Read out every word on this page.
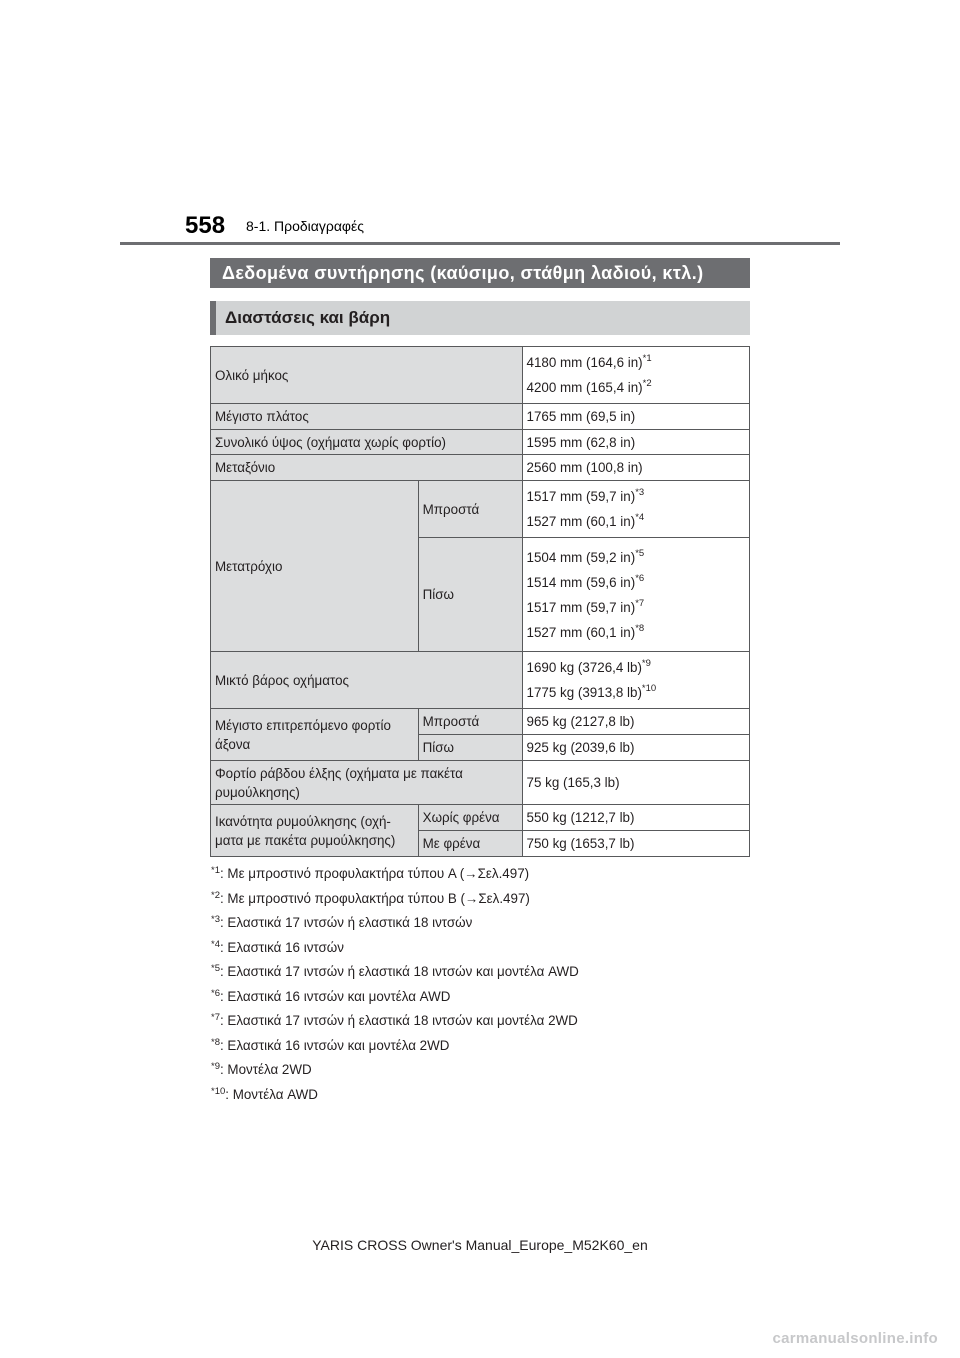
558 8-1. Προδιαγραφές
Δεδομένα συντήρησης (καύσιμο, στάθμη λαδιού, κτλ.)
Διαστάσεις και βάρη
Ολικό μήκος		4180 mm (164,6 in)$^{*1}$
4200 mm (165,4 in)$^{*2}$

Μέγιστο πλάτος		1765 mm (69,5 in)
Συνολικό ύψος (οχήματα χωρίς φορτίο)		1595 mm (62,8 in)
Μεταξόνιο		2560 mm (100,8 in)
Μετατρόχιο	Μπροστά	1517 mm (59,7 in)$^{*3}$
1527 mm (60,1 in)$^{*4}$

	Πίσω	1504 mm (59,2 in)$^{*5}$
1514 mm (59,6 in)$^{*6}$
1517 mm (59,7 in)$^{*7}$
1527 mm (60,1 in)$^{*8}$

Μικτό βάρος οχήματος		1690 kg (3726,4 lb)$^{*9}$
1775 kg (3913,8 lb)$^{*10}$

Μέγιστο επιτρεπόμενο φορτίο άξονα	Μπροστά	965 kg (2127,8 lb)
	Πίσω	925 kg (2039,6 lb)
Φορτίο ράβδου έλξης (οχήματα με πακέτα ρυμούλκησης)		75 kg (165,3 lb)
Ικανότητα ρυμούλκησης (οχή- ματα με πακέτα ρυμούλκησης)	Χωρίς φρένα	550 kg (1212,7 lb)
	Με φρένα	750 kg (1653,7 lb)
$^{*1}$: Με μπροστινό προφυλακτήρα τύπου A (→Σελ.497)
$^{*2}$: Με μπροστινό προφυλακτήρα τύπου B (→Σελ.497)
$^{*3}$: Ελαστικά 17 ιντσών ή ελαστικά 18 ιντσών
$^{*4}$: Ελαστικά 16 ιντσών
$^{*5}$: Ελαστικά 17 ιντσών ή ελαστικά 18 ιντσών και μοντέλα AWD
$^{*6}$: Ελαστικά 16 ιντσών και μοντέλα AWD
$^{*7}$: Ελαστικά 17 ιντσών ή ελαστικά 18 ιντσών και μοντέλα 2WD
$^{*8}$: Ελαστικά 16 ιντσών και μοντέλα 2WD
$^{*9}$: Μοντέλα 2WD
$^{*10}$: Μοντέλα AWD
YARIS CROSS Owner's Manual_Europe_M52K60_en
carmanualsonline.info
